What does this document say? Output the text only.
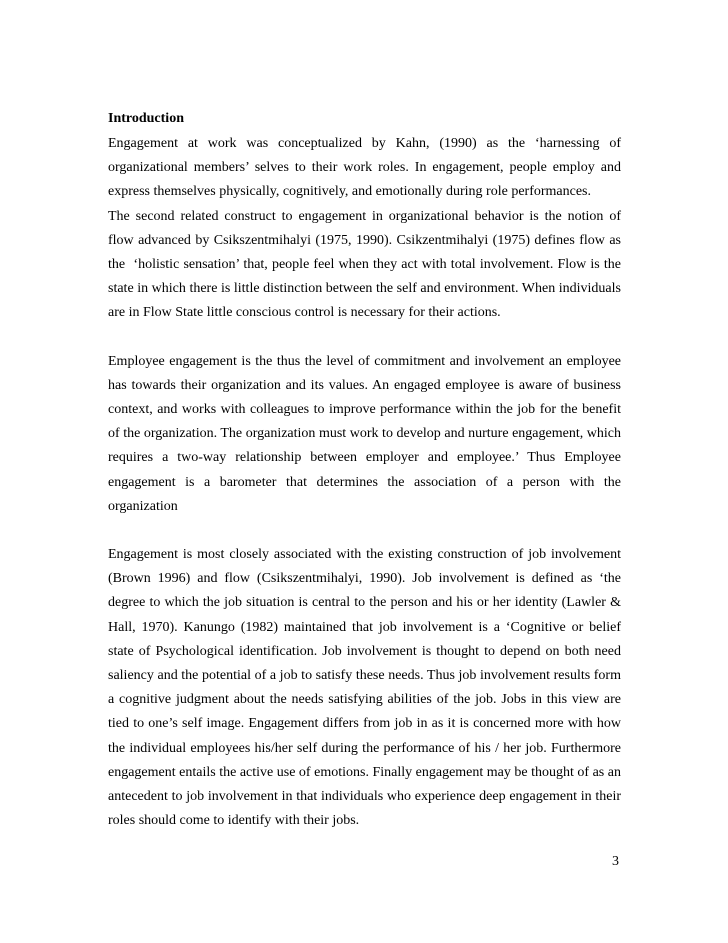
Introduction

Engagement at work was conceptualized by Kahn, (1990) as the ‘harnessing of organizational members’ selves to their work roles. In engagement, people employ and express themselves physically, cognitively, and emotionally during role performances.

The second related construct to engagement in organizational behavior is the notion of flow advanced by Csikszentmihalyi (1975, 1990). Csikzentmihalyi (1975) defines flow as the  ‘holistic sensation’ that, people feel when they act with total involvement. Flow is the state in which there is little distinction between the self and environment. When individuals are in Flow State little conscious control is necessary for their actions.

Employee engagement is the thus the level of commitment and involvement an employee has towards their organization and its values. An engaged employee is aware of business context, and works with colleagues to improve performance within the job for the benefit of the organization. The organization must work to develop and nurture engagement, which requires a two-way relationship between employer and employee.’ Thus Employee engagement is a barometer that determines the association of a person with the organization

Engagement is most closely associated with the existing construction of job involvement (Brown 1996) and flow (Csikszentmihalyi, 1990). Job involvement is defined as ‘the degree to which the job situation is central to the person and his or her identity (Lawler & Hall, 1970). Kanungo (1982) maintained that job involvement is a ‘Cognitive or belief state of Psychological identification. Job involvement is thought to depend on both need saliency and the potential of a job to satisfy these needs. Thus job involvement results form a cognitive judgment about the needs satisfying abilities of the job. Jobs in this view are tied to one’s self image. Engagement differs from job in as it is concerned more with how the individual employees his/her self during the performance of his / her job. Furthermore engagement entails the active use of emotions. Finally engagement may be thought of as an antecedent to job involvement in that individuals who experience deep engagement in their roles should come to identify with their jobs.

3
